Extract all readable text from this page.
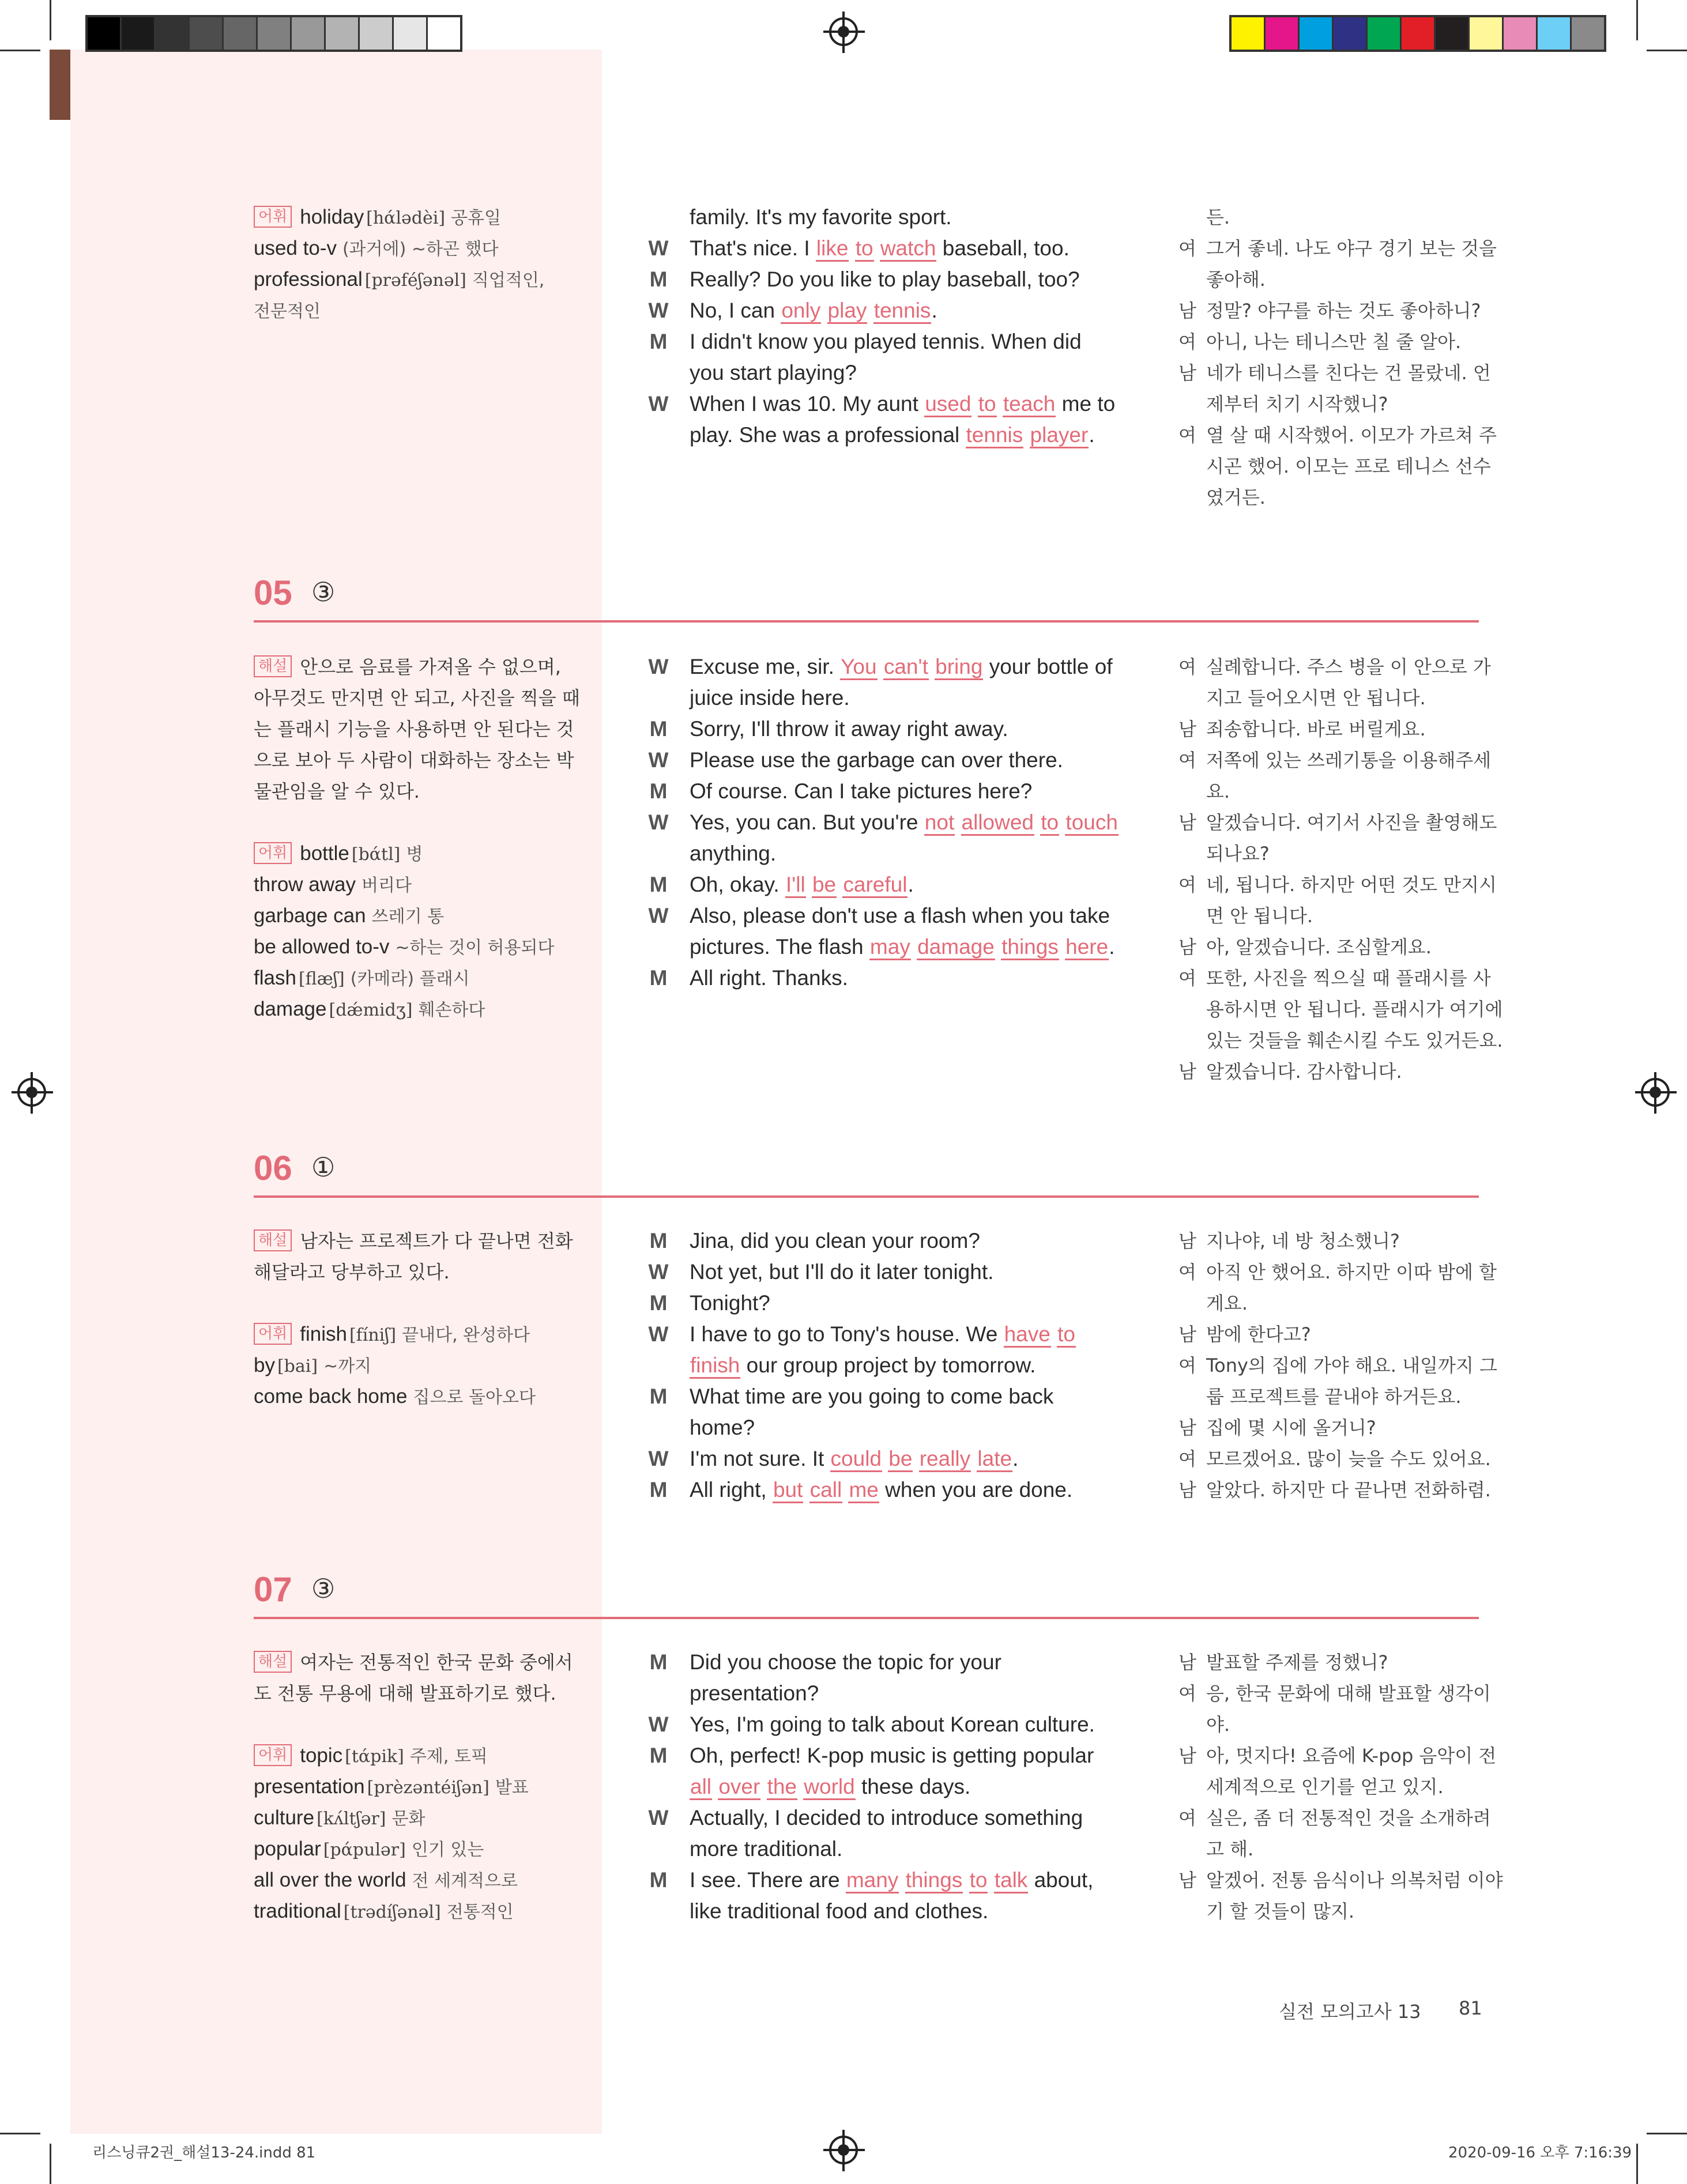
05 ③
06 ①
07 ③
어휘 holiday [hάlədèi] 공휴일
used to-v (과거에) ~하곤 했다
professional [prəféʃənəl] 직업적인,
전문적인
family. It's my favorite sport.
W That's nice. I like to watch baseball, too.
M Really? Do you like to play baseball, too?
W No, I can only play tennis.
M I didn't know you played tennis. When did
you start playing?
W When I was 10. My aunt used to teach me to
play. She was a professional tennis player.
든.
여 그거 좋네. 나도 야구 경기 보는 것을
좋아해.
남 정말? 야구를 하는 것도 좋아하니?
여 아니, 나는 테니스만 칠 줄 알아.
남 네가 테니스를 친다는 건 몰랐네. 언
제부터 치기 시작했니?
여 열 살 때 시작했어. 이모가 가르쳐 주
시곤 했어. 이모는 프로 테니스 선수
였거든.
해설 안으로 음료를 가져올 수 없으며,
아무것도 만지면 안 되고, 사진을 찍을 때
는 플래시 기능을 사용하면 안 된다는 것
으로 보아 두 사람이 대화하는 장소는 박
물관임을 알 수 있다.
어휘 bottle [bάtl] 병
throw away 버리다
garbage can 쓰레기 통
be allowed to-v ~하는 것이 허용되다
flash [flæʃ] (카메라) 플래시
damage [dǽmidʒ] 훼손하다
W Excuse me, sir. You can't bring your bottle of
juice inside here.
M Sorry, I'll throw it away right away.
W Please use the garbage can over there.
M Of course. Can I take pictures here?
W Yes, you can. But you're not allowed to touch
anything.
M Oh, okay. I'll be careful.
W Also, please don't use a flash when you take
pictures. The flash may damage things here.
M All right. Thanks.
여 실례합니다. 주스 병을 이 안으로 가
지고 들어오시면 안 됩니다.
남 죄송합니다. 바로 버릴게요.
여 저쪽에 있는 쓰레기통을 이용해주세
요.
남 알겠습니다. 여기서 사진을 촬영해도
되나요?
여 네, 됩니다. 하지만 어떤 것도 만지시
면 안 됩니다.
남 아, 알겠습니다. 조심할게요.
여 또한, 사진을 찍으실 때 플래시를 사
용하시면 안 됩니다. 플래시가 여기에
있는 것들을 훼손시킬 수도 있거든요.
남 알겠습니다. 감사합니다.
해설 남자는 프로젝트가 다 끝나면 전화
해달라고 당부하고 있다.
어휘 finish [fíniʃ] 끝내다, 완성하다
by [bai] ~까지
come back home 집으로 돌아오다
M Jina, did you clean your room?
W Not yet, but I'll do it later tonight.
M Tonight?
W I have to go to Tony's house. We have to
finish our group project by tomorrow.
M What time are you going to come back
home?
W I'm not sure. It could be really late.
M All right, but call me when you are done.
남 지나야, 네 방 청소했니?
여 아직 안 했어요. 하지만 이따 밤에 할
게요.
남 밤에 한다고?
여 Tony의 집에 가야 해요. 내일까지 그
룹 프로젝트를 끝내야 하거든요.
남 집에 몇 시에 올거니?
여 모르겠어요. 많이 늦을 수도 있어요.
남 알았다. 하지만 다 끝나면 전화하렴.
해설 여자는 전통적인 한국 문화 중에서
도 전통 무용에 대해 발표하기로 했다.
어휘 topic [tάpik] 주제, 토픽
presentation [prèzəntéiʃən] 발표
culture [kʌ́ltʃər] 문화
popular [pάpulər] 인기 있는
all over the world 전 세계적으로
traditional [trədíʃənəl] 전통적인
M Did you choose the topic for your
presentation?
W Yes, I'm going to talk about Korean culture.
M Oh, perfect! K-pop music is getting popular
all over the world these days.
W Actually, I decided to introduce something
more traditional.
M I see. There are many things to talk about,
like traditional food and clothes.
남 발표할 주제를 정했니?
여 응, 한국 문화에 대해 발표할 생각이
야.
남 아, 멋지다! 요즘에 K-pop 음악이 전
세계적으로 인기를 얻고 있지.
여 실은, 좀 더 전통적인 것을 소개하려
고 해.
남 알겠어. 전통 음식이나 의복처럼 이야
기 할 것들이 많지.
실전 모의고사 13 81
리스닝큐2권_해설13-24.indd 81	2020-09-16 오후 7:16:39
